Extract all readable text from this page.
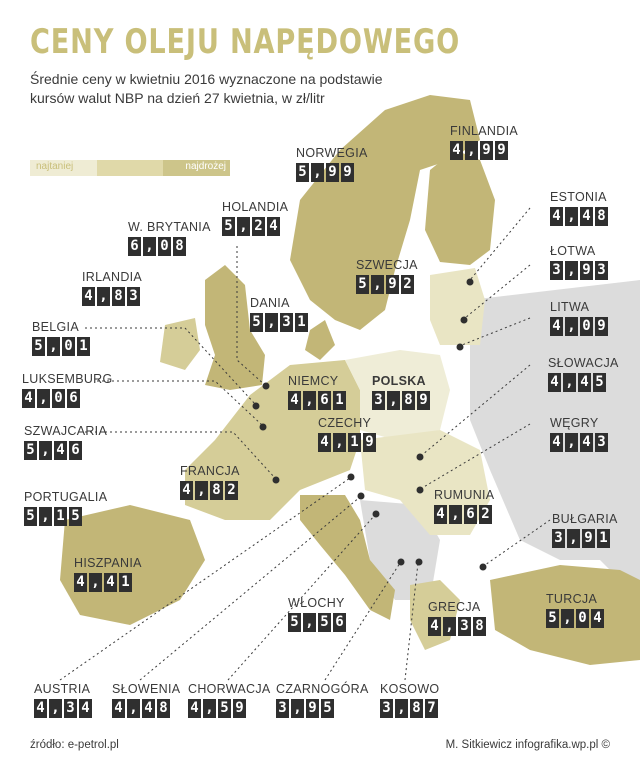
CENY OLEJU NAPĘDOWEGO
Średnie ceny w kwietniu 2016 wyznaczone na podstawie
kursów walut NBP na dzień 27 kwietnia, w zł/litr
najtaniej	najdrożej
FINLANDIA
4 , 9 9
NORWEGIA
5 , 9 9
ESTONIA
4 , 4 8
W. BRYTANIA
6 , 0 8
HOLANDIA
5 , 2 4
ŁOTWA
3 , 9 3
IRLANDIA
4 , 8 3
SZWECJA
5 , 9 2
DANIA
5 , 3 1
LITWA
4 , 0 9
BELGIA
5 , 0 1
SŁOWACJA
4 , 4 5
LUKSEMBURG
4 , 0 6
NIEMCY
4 , 6 1
POLSKA
3 , 8 9
WĘGRY
4 , 4 3
CZECHY
4 , 1 9
SZWAJCARIA
5 , 4 6
FRANCJA
4 , 8 2	RUMUNIA
4 , 6 2
PORTUGALIA
5 , 1 5	BUŁGARIA
3 , 9 1
HISZPANIA
4 , 4 1
TURCJA
5 , 0 4
WŁOCHY
5 , 5 6
GRECJA
4 , 3 8
AUSTRIA
4 , 3 4
SŁOWENIA
4 , 4 8
CHORWACJA
4 , 5 9
CZARNOGÓRA
3 , 9 5
KOSOWO
3 , 8 7
źródło: e-petrol.pl	M. Sitkiewicz infografika.wp.pl ©
